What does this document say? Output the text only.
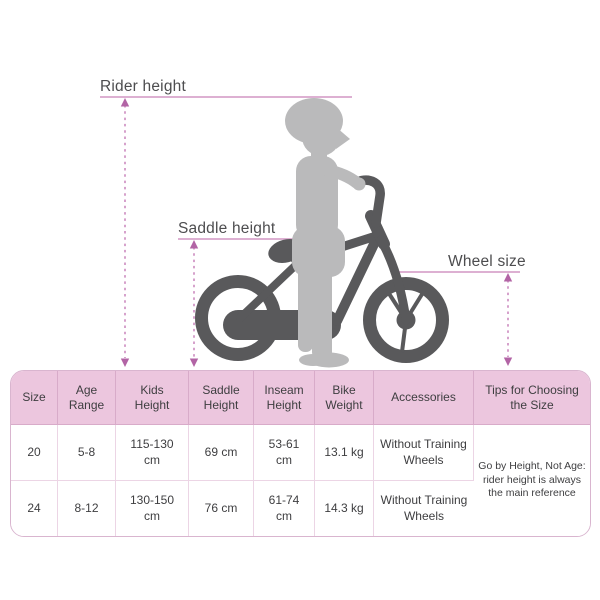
Rider height
Saddle height
Wheel size
Size	Age Range	Kids Height	Saddle Height	Inseam Height	Bike Weight	Accessories	Tips for Choosing the Size
20	5-8	115-130 cm	69 cm	53-61 cm	13.1 kg	Without Training Wheels	Go by Height, Not Age: rider height is always the main reference
24	8-12	130-150 cm	76 cm	61-74 cm	14.3 kg	Without Training Wheels	
